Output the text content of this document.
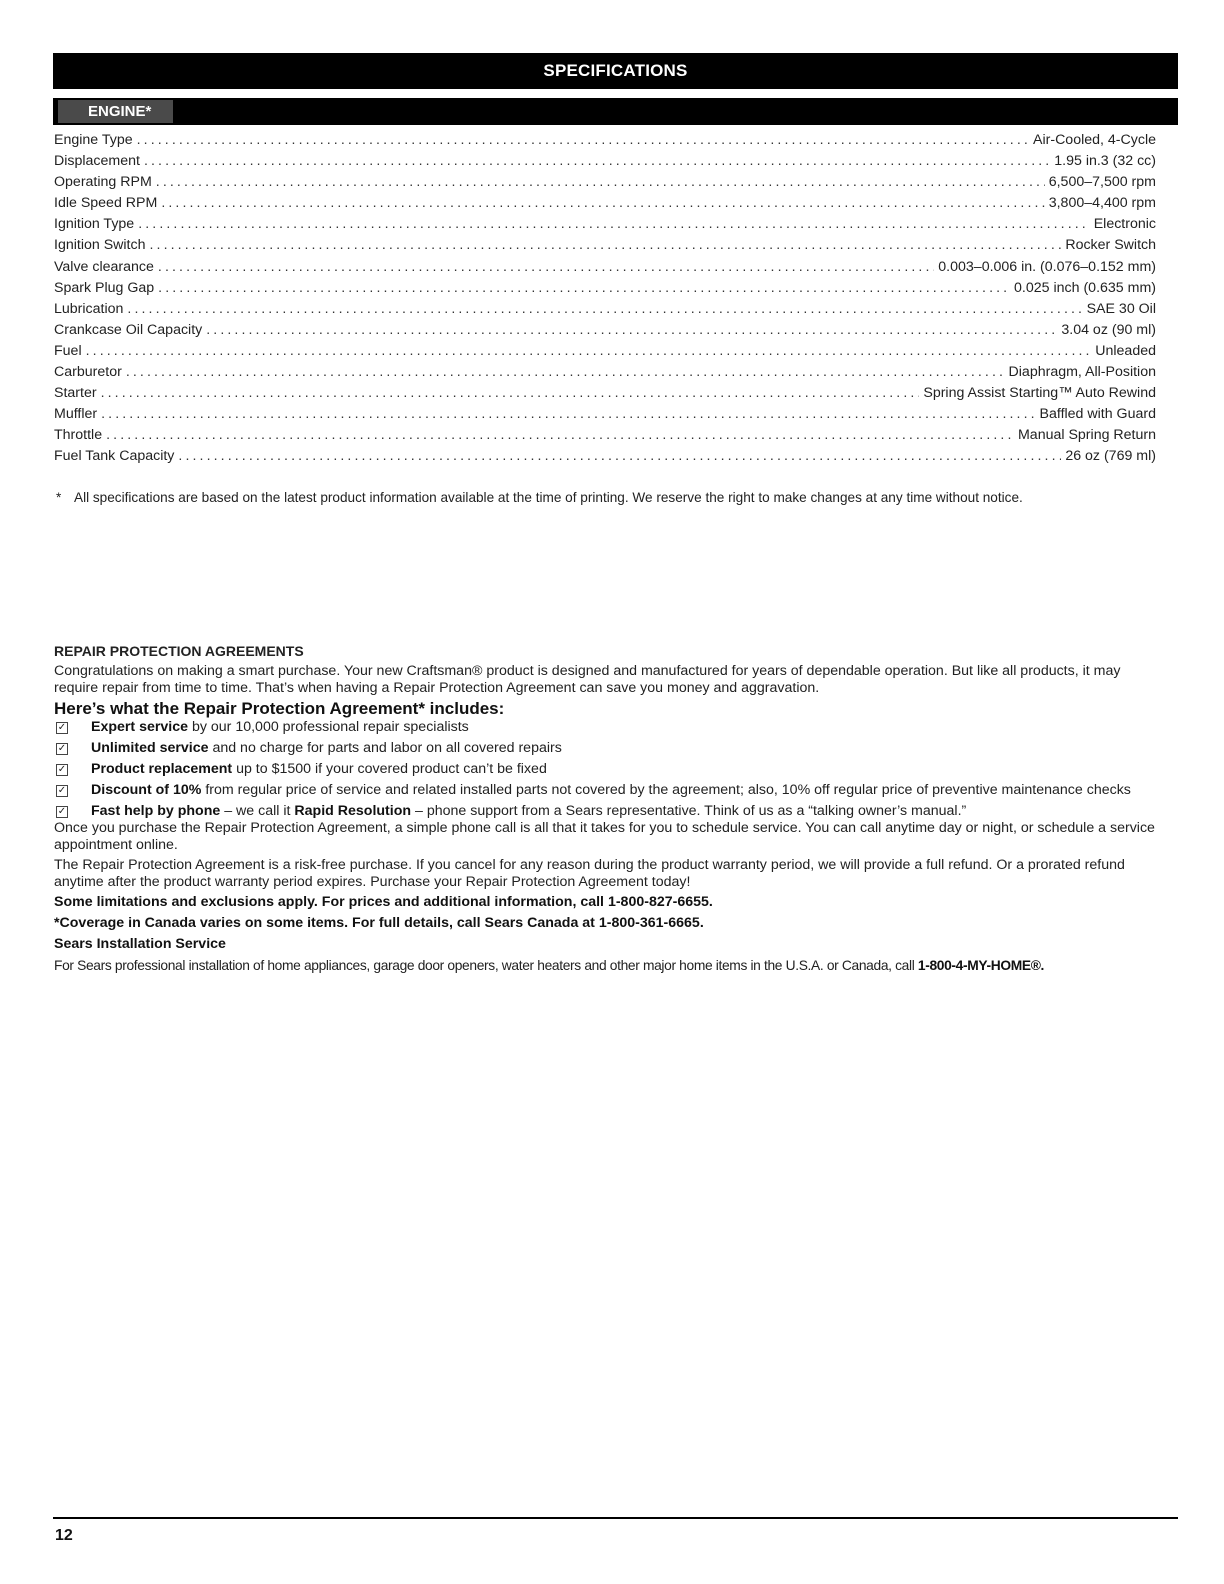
SPECIFICATIONS
ENGINE*
Engine Type .....	Air-Cooled, 4-Cycle
Displacement .....	1.95 in.3 (32 cc)
Operating RPM .....	6,500–7,500 rpm
Idle Speed RPM .....	3,800–4,400 rpm
Ignition Type .....	Electronic
Ignition Switch .....	Rocker Switch
Valve clearance .....	0.003–0.006 in. (0.076–0.152 mm)
Spark Plug Gap .....	0.025 inch (0.635 mm)
Lubrication .....	SAE 30 Oil
Crankcase Oil Capacity .....	3.04 oz (90 ml)
Fuel .....	Unleaded
Carburetor .....	Diaphragm, All-Position
Starter .....	Spring Assist Starting™ Auto Rewind
Muffler .....	Baffled with Guard
Throttle .....	Manual Spring Return
Fuel Tank Capacity .....	26 oz (769 ml)
* All specifications are based on the latest product information available at the time of printing. We reserve the right to make changes at any time without notice.
REPAIR PROTECTION AGREEMENTS

Congratulations on making a smart purchase. Your new Craftsman® product is designed and manufactured for years of dependable operation. But like all products, it may require repair from time to time. That’s when having a Repair Protection Agreement can save you money and aggravation.

Here’s what the Repair Protection Agreement* includes:
✓ Expert service by our 10,000 professional repair specialists
✓ Unlimited service and no charge for parts and labor on all covered repairs
✓ Product replacement up to $1500 if your covered product can’t be fixed
✓ Discount of 10% from regular price of service and related installed parts not covered by the agreement; also, 10% off regular price of preventive maintenance checks
✓ Fast help by phone – we call it Rapid Resolution – phone support from a Sears representative. Think of us as a “talking owner’s manual.”

Once you purchase the Repair Protection Agreement, a simple phone call is all that it takes for you to schedule service. You can call anytime day or night, or schedule a service appointment online.

The Repair Protection Agreement is a risk-free purchase. If you cancel for any reason during the product warranty period, we will provide a full refund. Or a prorated refund anytime after the product warranty period expires. Purchase your Repair Protection Agreement today!

Some limitations and exclusions apply. For prices and additional information, call 1-800-827-6655.
*Coverage in Canada varies on some items. For full details, call Sears Canada at 1-800-361-6665.
Sears Installation Service
For Sears professional installation of home appliances, garage door openers, water heaters and other major home items in the U.S.A. or Canada, call 1-800-4-MY-HOME®.
12
